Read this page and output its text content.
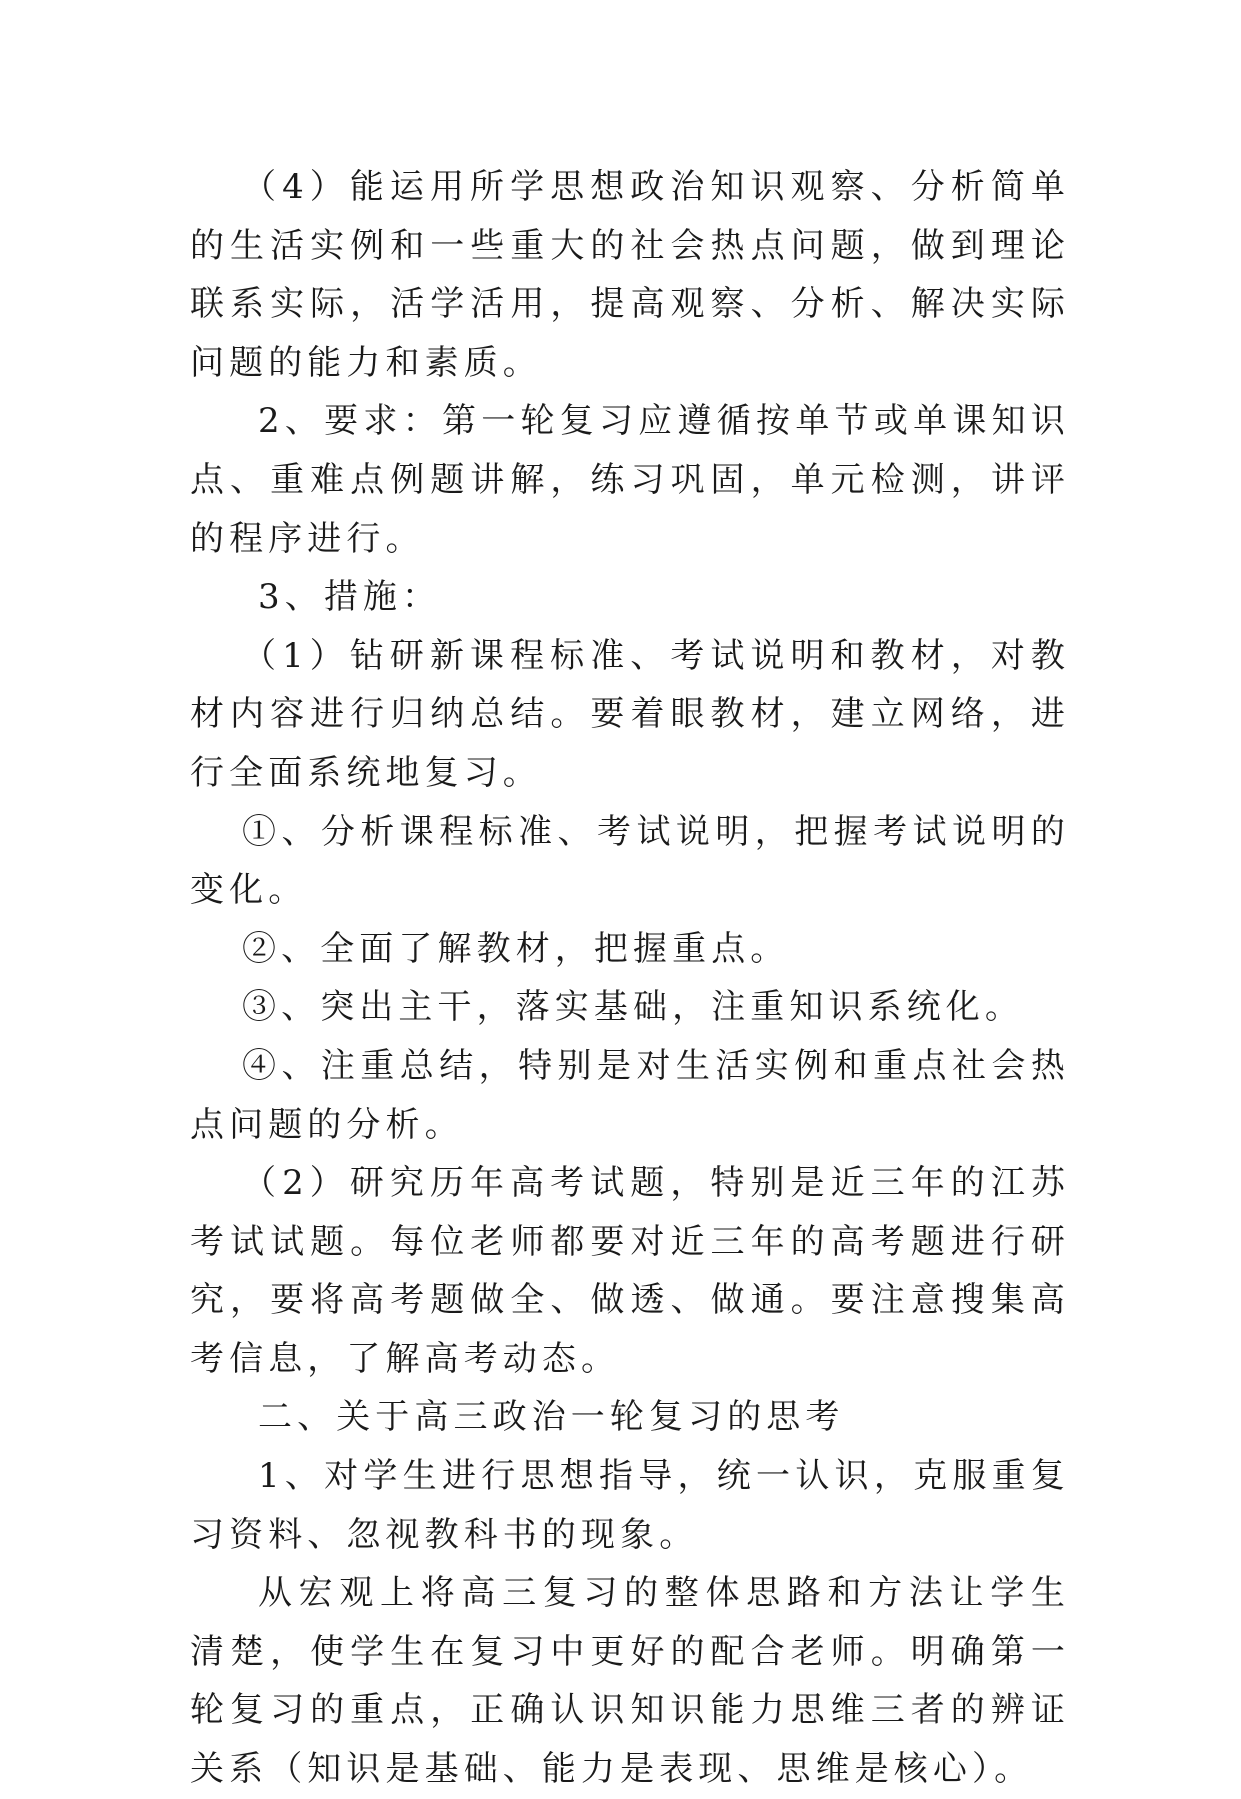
（4）能运用所学思想政治知识观察、分析简单的生活实例和一些重大的社会热点问题，做到理论联系实际，活学活用，提高观察、分析、解决实际问题的能力和素质。

2、要求：第一轮复习应遵循按单节或单课知识点、重难点例题讲解，练习巩固，单元检测，讲评的程序进行。

3、措施：

（1）钻研新课程标准、考试说明和教材，对教材内容进行归纳总结。要着眼教材，建立网络，进行全面系统地复习。

①、分析课程标准、考试说明，把握考试说明的变化。

②、全面了解教材，把握重点。

③、突出主干，落实基础，注重知识系统化。

④、注重总结，特别是对生活实例和重点社会热点问题的分析。

（2）研究历年高考试题，特别是近三年的江苏考试试题。每位老师都要对近三年的高考题进行研究，要将高考题做全、做透、做通。要注意搜集高考信息，了解高考动态。

二、关于高三政治一轮复习的思考

1、对学生进行思想指导，统一认识，克服重复习资料、忽视教科书的现象。

从宏观上将高三复习的整体思路和方法让学生清楚，使学生在复习中更好的配合老师。明确第一轮复习的重点，正确认识知识能力思维三者的辨证关系（知识是基础、能力是表现、思维是核心）。
